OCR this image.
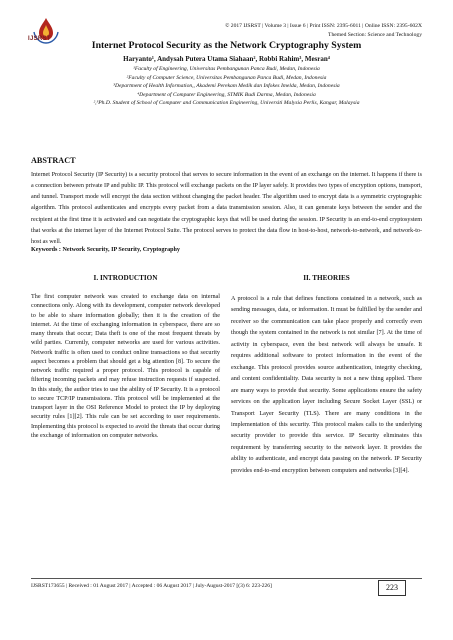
IJSRST
© 2017 IJSRST | Volume 3 | Issue 6 | Print ISSN: 2395-6011 | Online ISSN: 2395-602X
Themed Section: Science and Technology
Internet Protocol Security as the Network Cryptography System
Haryanto¹, Andysah Putera Utama Siahaan², Robbi Rahim³, Mesran⁴
¹Faculty of Engineering, Universitas Pembangunan Panca Budi, Medan, Indonesia
²Faculty of Computer Science, Universitas Pembangunan Panca Budi, Medan, Indonesia
³Department of Health Information,, Akademi Perekam Medik dan Infokes Imelda, Medan, Indonesia
⁴Department of Computer Engineering, STMIK Budi Darma, Medan, Indonesia
²,³Ph.D. Student of School of Computer and Communication Engineering, Universiti Malysia Perlis, Kangar, Malaysia
ABSTRACT
Internet Protocol Security (IP Security) is a security protocol that serves to secure information in the event of an exchange on the internet. It happens if there is a connection between private IP and public IP. This protocol will exchange packets on the IP layer safely. It provides two types of encryption options, transport, and tunnel. Transport mode will encrypt the data section without changing the packet header. The algorithm used to encrypt data is a symmetric cryptographic algorithm. This protocol authenticates and encrypts every packet from a data transmission session. Also, it can generate keys between the sender and the recipient at the first time it is activated and can negotiate the cryptographic keys that will be used during the session. IP Security is an end-to-end cryptosystem that works at the internet layer of the Internet Protocol Suite. The protocol serves to protect the data flow in host-to-host, network-to-network, and network-to-host as well.
Keywords : Network Security, IP Security, Cryptography
I. INTRODUCTION	II. THEORIES
The first computer network was created to exchange data on internal connections only. Along with its development, computer network developed to be able to share information globally; then it is the creation of the internet. At the time of exchanging information in cyberspace, there are so many threats that occur; Data theft is one of the most frequent threats by wild parties. Currently, computer networks are used for various activities. Network traffic is often used to conduct online transactions so that security aspect becomes a problem that should get a big attention [8]. To secure the network traffic required a proper protocol. This protocol is capable of filtering incoming packets and may refuse instruction requests if suspected. In this study, the author tries to use the ability of IP Security. It is a protocol to secure TCP/IP transmissions. This protocol will be implemented at the transport layer in the OSI Reference Model to protect the IP by deploying security rules [1][2]. This rule can be set according to user requirements. Implementing this protocol is expected to avoid the threats that occur during the exchange of information on computer networks.
A protocol is a rule that defines functions contained in a network, such as sending messages, data, or information. It must be fulfilled by the sender and receiver so the communication can take place properly and correctly even though the system contained in the network is not similar [7]. At the time of activity in cyberspace, even the best network will always be unsafe. It requires additional software to protect information in the event of the exchange. This protocol provides source authentication, integrity checking, and content confidentiality. Data security is not a new thing applied. There are many ways to provide that security. Some applications ensure the safety services on the application layer including Secure Socket Layer (SSL) or Transport Layer Security (TLS). There are many conditions in the implementation of this security. This protocol makes calls to the underlying security provider to provide this service. IP Security eliminates this requirement by transferring security to the network layer. It provides the ability to authenticate, and encrypt data passing on the network. IP Security provides end-to-end encryption between computers and networks [3][4].
IJSRST173655 | Received : 01 August 2017 | Accepted : 06 August 2017 | July-August-2017 [(3) 6: 223-226]	223
